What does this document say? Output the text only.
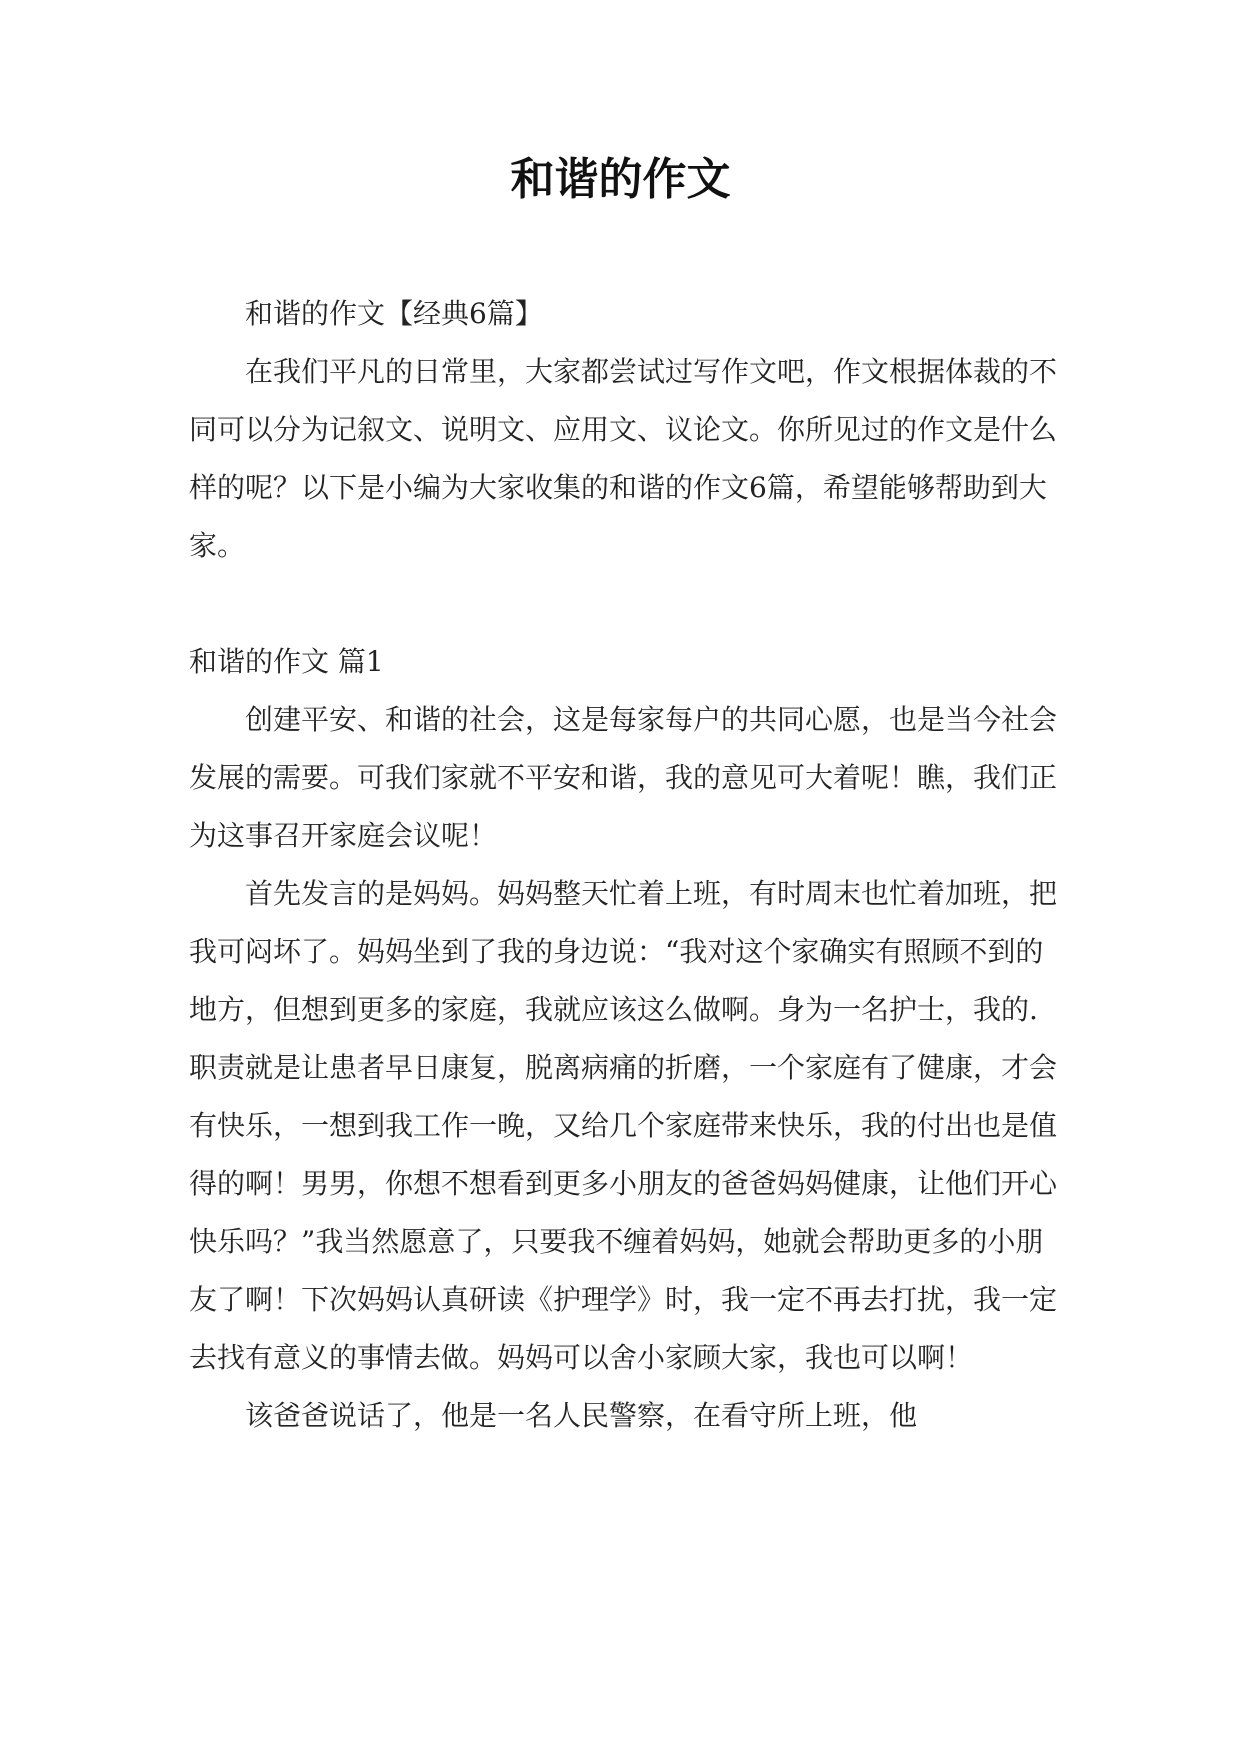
和谐的作文

和谐的作文【经典6篇】

在我们平凡的日常里，大家都尝试过写作文吧，作文根据体裁的不同可以分为记叙文、说明文、应用文、议论文。你所见过的作文是什么样的呢？以下是小编为大家收集的和谐的作文6篇，希望能够帮助到大家。

和谐的作文 篇1

创建平安、和谐的社会，这是每家每户的共同心愿，也是当今社会发展的需要。可我们家就不平安和谐，我的意见可大着呢！瞧，我们正为这事召开家庭会议呢！

首先发言的是妈妈。妈妈整天忙着上班，有时周末也忙着加班，把我可闷坏了。妈妈坐到了我的身边说：“我对这个家确实有照顾不到的地方，但想到更多的家庭，我就应该这么做啊。身为一名护士，我的.职责就是让患者早日康复，脱离病痛的折磨，一个家庭有了健康，才会有快乐，一想到我工作一晚，又给几个家庭带来快乐，我的付出也是值得的啊！男男，你想不想看到更多小朋友的爸爸妈妈健康，让他们开心快乐吗？”我当然愿意了，只要我不缠着妈妈，她就会帮助更多的小朋友了啊！下次妈妈认真研读《护理学》时，我一定不再去打扰，我一定去找有意义的事情去做。妈妈可以舍小家顾大家，我也可以啊！

该爸爸说话了，他是一名人民警察，在看守所上班，他
